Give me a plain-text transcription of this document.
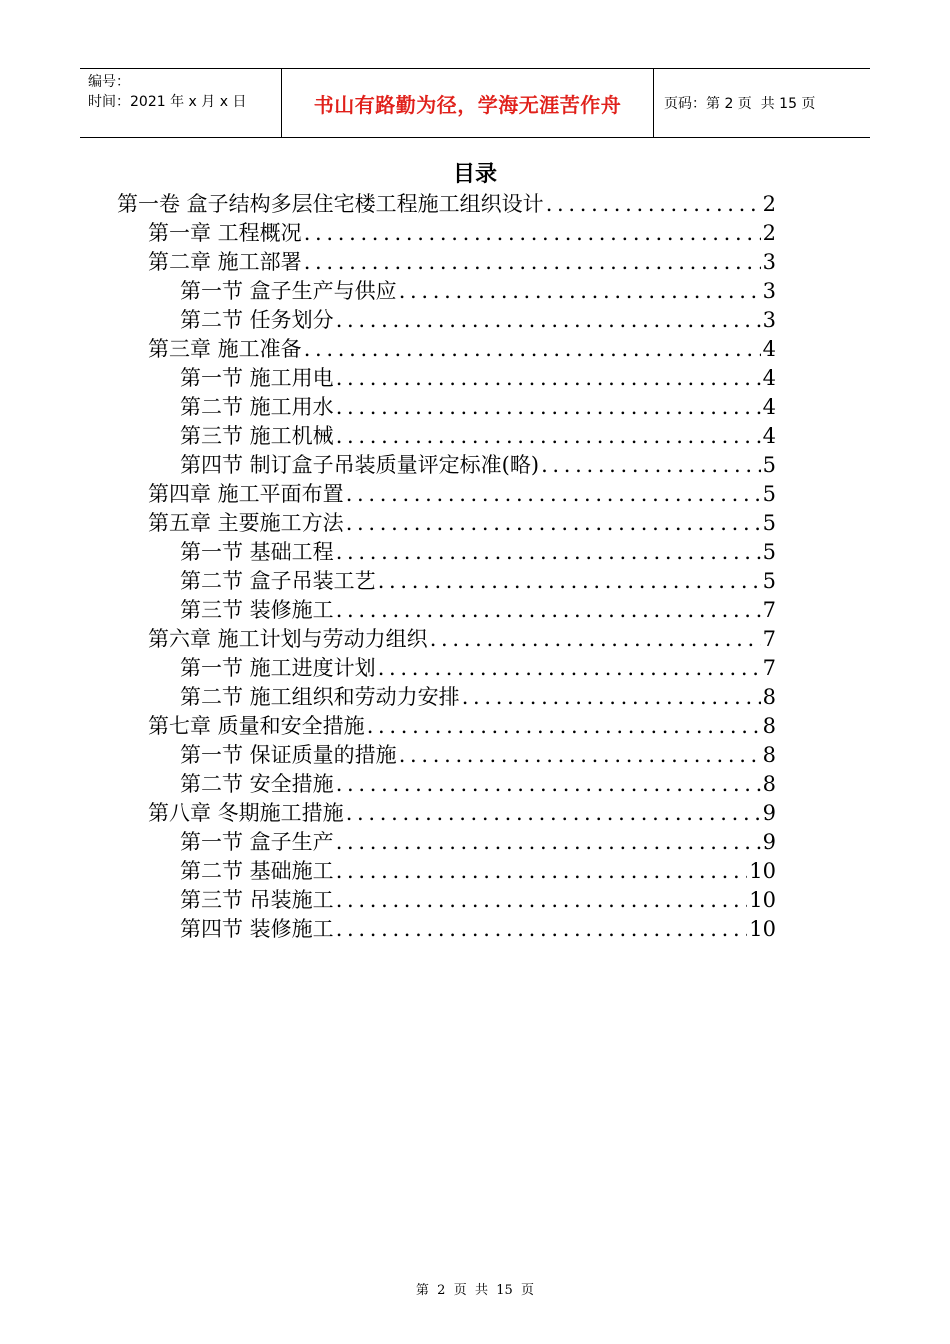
编号：
时间：2021 年 x 月 x 日	书山有路勤为径，学海无涯苦作舟	页码：第 2 页  共 15 页
目录
第一卷 盒子结构多层住宅楼工程施工组织设计 . . .	2
第一章 工程概况 . . .	2
第二章 施工部署 . . .	3
第一节 盒子生产与供应 . . .	3
第二节 任务划分 . . .	3
第三章 施工准备 . . .	4
第一节 施工用电 . . .	4
第二节 施工用水 . . .	4
第三节 施工机械 . . .	4
第四节 制订盒子吊装质量评定标准(略) . . .	5
第四章 施工平面布置 . . .	5
第五章 主要施工方法 . . .	5
第一节 基础工程 . . .	5
第二节 盒子吊装工艺 . . .	5
第三节 装修施工 . . .	7
第六章 施工计划与劳动力组织 . . .	7
第一节 施工进度计划 . . .	7
第二节 施工组织和劳动力安排 . . .	8
第七章 质量和安全措施 . . .	8
第一节 保证质量的措施 . . .	8
第二节 安全措施 . . .	8
第八章 冬期施工措施 . . .	9
第一节 盒子生产 . . .	9
第二节 基础施工 . . .	10
第三节 吊装施工 . . .	10
第四节 装修施工 . . .	10
第  2  页  共  15  页
